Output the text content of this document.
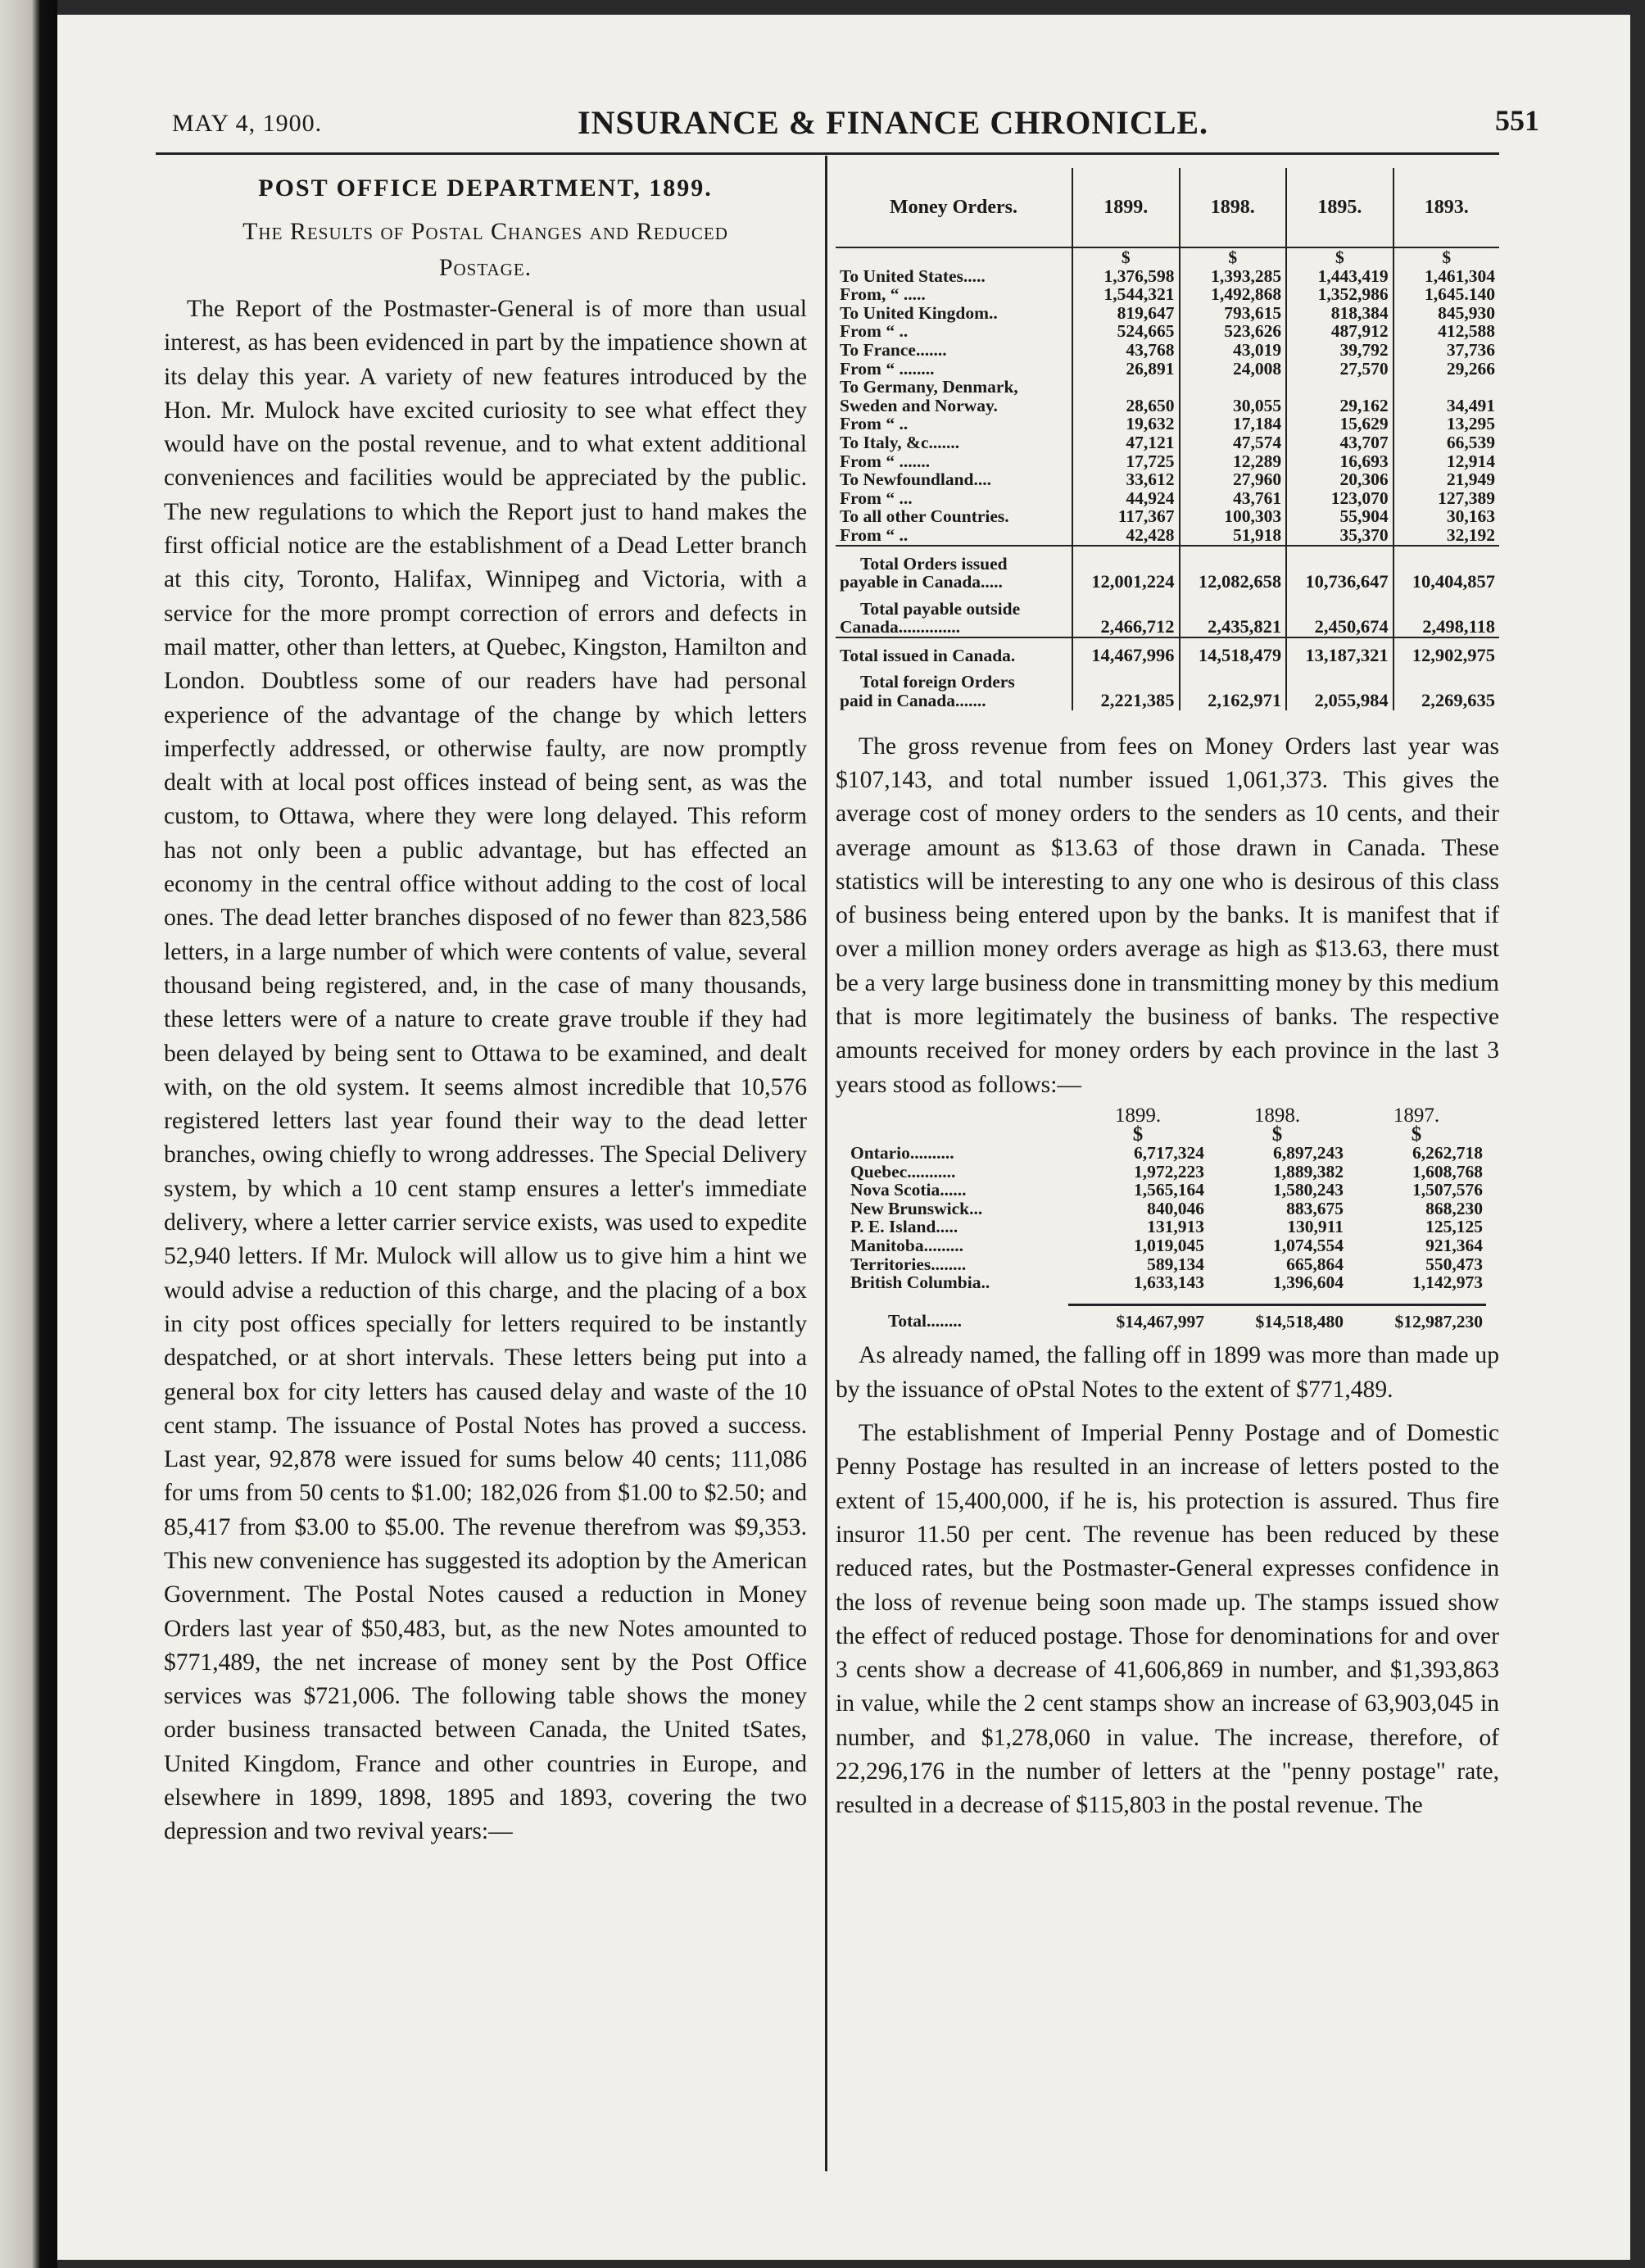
MAY 4, 1900.	INSURANCE & FINANCE CHRONICLE.	551
POST OFFICE DEPARTMENT, 1899.
The Results of Postal Changes and Reduced
Postage.

The Report of the Postmaster-General is of more than usual interest, as has been evidenced in part by the impatience shown at its delay this year. A variety of new features introduced by the Hon. Mr. Mulock have excited curiosity to see what effect they would have on the postal revenue, and to what extent additional conveniences and facilities would be appreciated by the public. The new regulations to which the Report just to hand makes the first official notice are the establishment of a Dead Letter branch at this city, Toronto, Halifax, Winnipeg and Victoria, with a service for the more prompt correction of errors and defects in mail matter, other than letters, at Quebec, Kingston, Hamilton and London. Doubtless some of our readers have had personal experience of the advantage of the change by which letters imperfectly addressed, or otherwise faulty, are now promptly dealt with at local post offices instead of being sent, as was the custom, to Ottawa, where they were long delayed. This reform has not only been a public advantage, but has effected an economy in the central office without adding to the cost of local ones. The dead letter branches disposed of no fewer than 823,586 letters, in a large number of which were contents of value, several thousand being registered, and, in the case of many thousands, these letters were of a nature to create grave trouble if they had been delayed by being sent to Ottawa to be examined, and dealt with, on the old system. It seems almost incredible that 10,576 registered letters last year found their way to the dead letter branches, owing chiefly to wrong addresses. The Special Delivery system, by which a 10 cent stamp ensures a letter's immediate delivery, where a letter carrier service exists, was used to expedite 52,940 letters. If Mr. Mulock will allow us to give him a hint we would advise a reduction of this charge, and the placing of a box in city post offices specially for letters required to be instantly despatched, or at short intervals. These letters being put into a general box for city letters has caused delay and waste of the 10 cent stamp. The issuance of Postal Notes has proved a success. Last year, 92,878 were issued for sums below 40 cents; 111,086 for ums from 50 cents to $1.00; 182,026 from $1.00 to $2.50; and 85,417 from $3.00 to $5.00. The revenue therefrom was $9,353. This new convenience has suggested its adoption by the American Government. The Postal Notes caused a reduction in Money Orders last year of $50,483, but, as the new Notes amounted to $771,489, the net increase of money sent by the Post Office services was $721,006. The following table shows the money order business transacted between Canada, the United tSates, United Kingdom, France and other countries in Europe, and elsewhere in 1899, 1898, 1895 and 1893, covering the two depression and two revival years:—

Money Orders.	1899.	1898.	1895.	1893.
	$	$	$	$
To United States.....	1,376,598	1,393,285	1,443,419	1,461,304
From, “ .....	1,544,321	1,492,868	1,352,986	1,645.140
To United Kingdom..	819,647	793,615	818,384	845,930
From “ ..	524,665	523,626	487,912	412,588
To France.......	43,768	43,019	39,792	37,736
From “ ........	26,891	24,008	27,570	29,266
To Germany, Denmark,				
Sweden and Norway.	28,650	30,055	29,162	34,491
From “ ..	19,632	17,184	15,629	13,295
To Italy, &c.......	47,121	47,574	43,707	66,539
From “ .......	17,725	12,289	16,693	12,914
To Newfoundland....	33,612	27,960	20,306	21,949
From “ ...	44,924	43,761	123,070	127,389
To all other Countries.	117,367	100,303	55,904	30,163
From “ ..	42,428	51,918	35,370	32,192

Total Orders issued				
payable in Canada.....	12,001,224	12,082,658	10,736,647	10,404,857

Total payable outside				
Canada..............	2,466,712	2,435,821	2,450,674	2,498,118

Total issued in Canada.	14,467,996	14,518,479	13,187,321	12,902,975

Total foreign Orders				
paid in Canada.......	2,221,385	2,162,971	2,055,984	2,269,635

The gross revenue from fees on Money Orders last year was $107,143, and total number issued 1,061,373. This gives the average cost of money orders to the senders as 10 cents, and their average amount as $13.63 of those drawn in Canada. These statistics will be interesting to any one who is desirous of this class of business being entered upon by the banks. It is manifest that if over a million money orders average as high as $13.63, there must be a very large business done in transmitting money by this medium that is more legitimately the business of banks. The respective amounts received for money orders by each province in the last 3 years stood as follows:—

	1899.	1898.	1897.
	$	$	$
Ontario..........	6,717,324	6,897,243	6,262,718
Quebec...........	1,972,223	1,889,382	1,608,768
Nova Scotia......	1,565,164	1,580,243	1,507,576
New Brunswick...	840,046	883,675	868,230
P. E. Island.....	131,913	130,911	125,125
Manitoba.........	1,019,045	1,074,554	921,364
Territories........	589,134	665,864	550,473
British Columbia..	1,633,143	1,396,604	1,142,973

Total........	$14,467,997	$14,518,480	$12,987,230

As already named, the falling off in 1899 was more than made up by the issuance of oPstal Notes to the extent of $771,489.

The establishment of Imperial Penny Postage and of Domestic Penny Postage has resulted in an increase of letters posted to the extent of 15,400,000, if he is, his protection is assured. Thus fire insuror 11.50 per cent. The revenue has been reduced by these reduced rates, but the Postmaster-General expresses confidence in the loss of revenue being soon made up. The stamps issued show the effect of reduced postage. Those for denominations for and over 3 cents show a decrease of 41,606,869 in number, and $1,393,863 in value, while the 2 cent stamps show an increase of 63,903,045 in number, and $1,278,060 in value. The increase, therefore, of 22,296,176 in the number of letters at the "penny postage" rate, resulted in a decrease of $115,803 in the postal revenue. The
